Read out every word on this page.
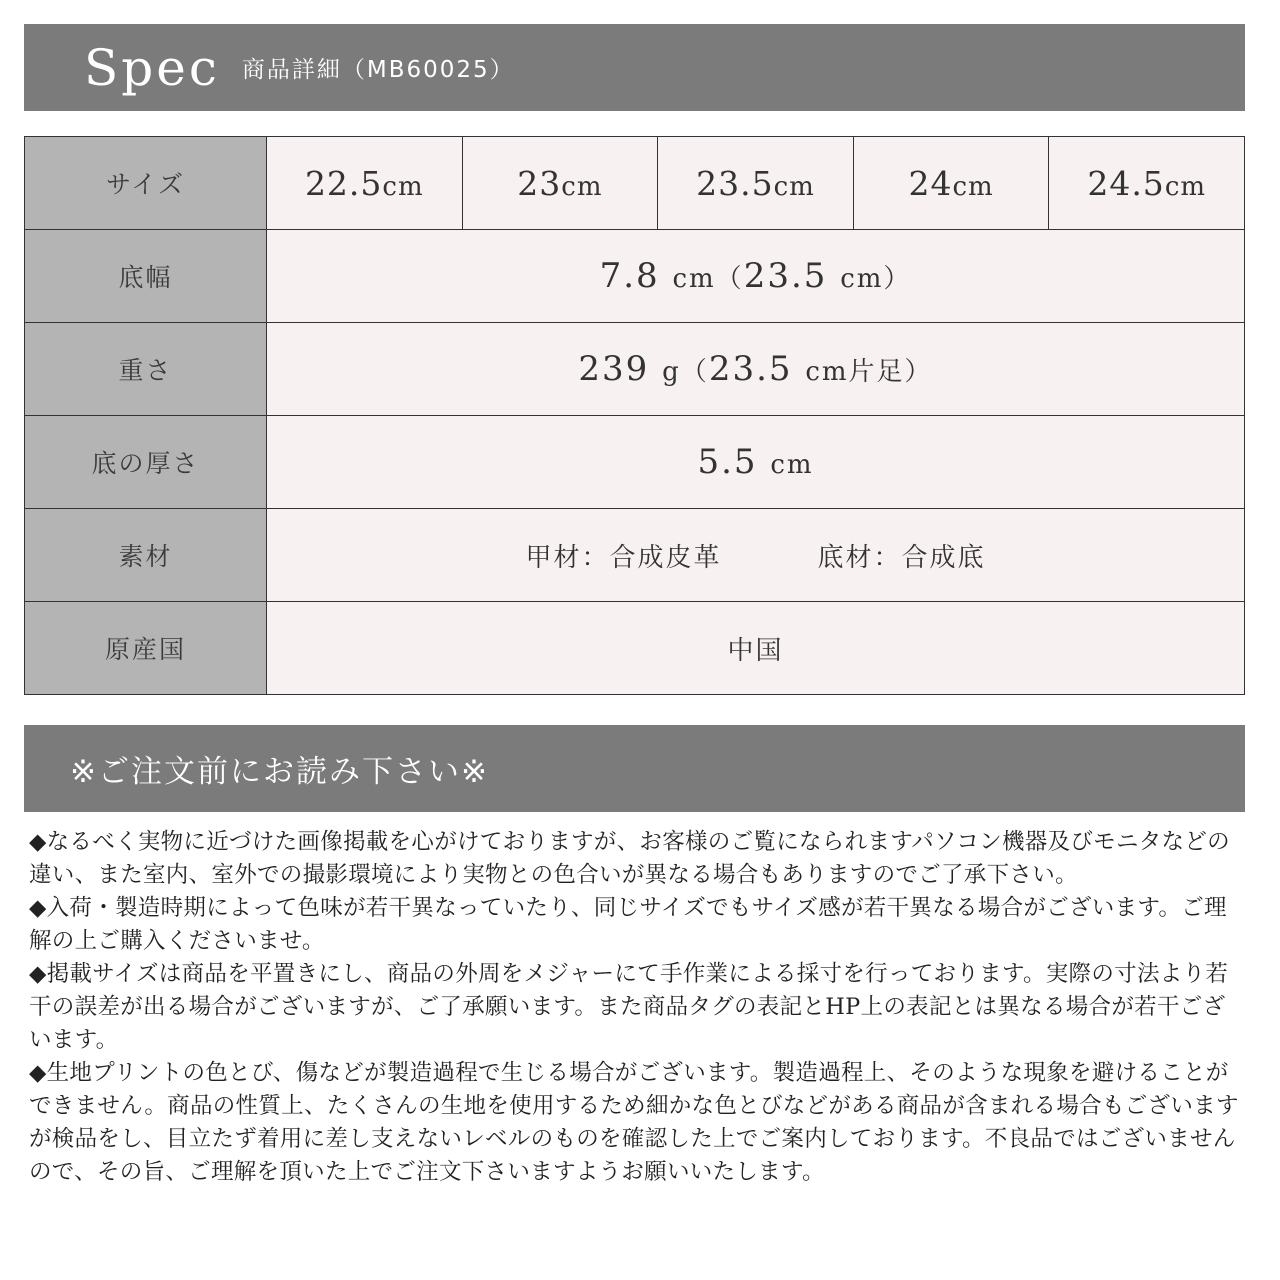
Spec 商品詳細（MB60025）
サイズ	22.5cm	23cm	23.5cm	24cm	24.5cm
底幅	7.8 cm（23.5 cm）				
重さ	239 g（23.5 cm片足）				
底の厚さ	5.5 cm				
素材	甲材：合成皮革 底材：合成底				
原産国	中国				
※ご注文前にお読み下さい※

◆なるべく実物に近づけた画像掲載を心がけておりますが、お客様のご覧になられますパソコン機器及びモニタなどの違い、また室内、室外での撮影環境により実物との色合いが異なる場合もありますのでご了承下さい。

◆入荷・製造時期によって色味が若干異なっていたり、同じサイズでもサイズ感が若干異なる場合がございます。ご理解の上ご購入くださいませ。

◆掲載サイズは商品を平置きにし、商品の外周をメジャーにて手作業による採寸を行っております。実際の寸法より若干の誤差が出る場合がございますが、ご了承願います。また商品タグの表記とHP上の表記とは異なる場合が若干ございます。

◆生地プリントの色とび、傷などが製造過程で生じる場合がございます。製造過程上、そのような現象を避けることができません。商品の性質上、たくさんの生地を使用するため細かな色とびなどがある商品が含まれる場合もございますが検品をし、目立たず着用に差し支えないレベルのものを確認した上でご案内しております。不良品ではございませんので、その旨、ご理解を頂いた上でご注文下さいますようお願いいたします。
